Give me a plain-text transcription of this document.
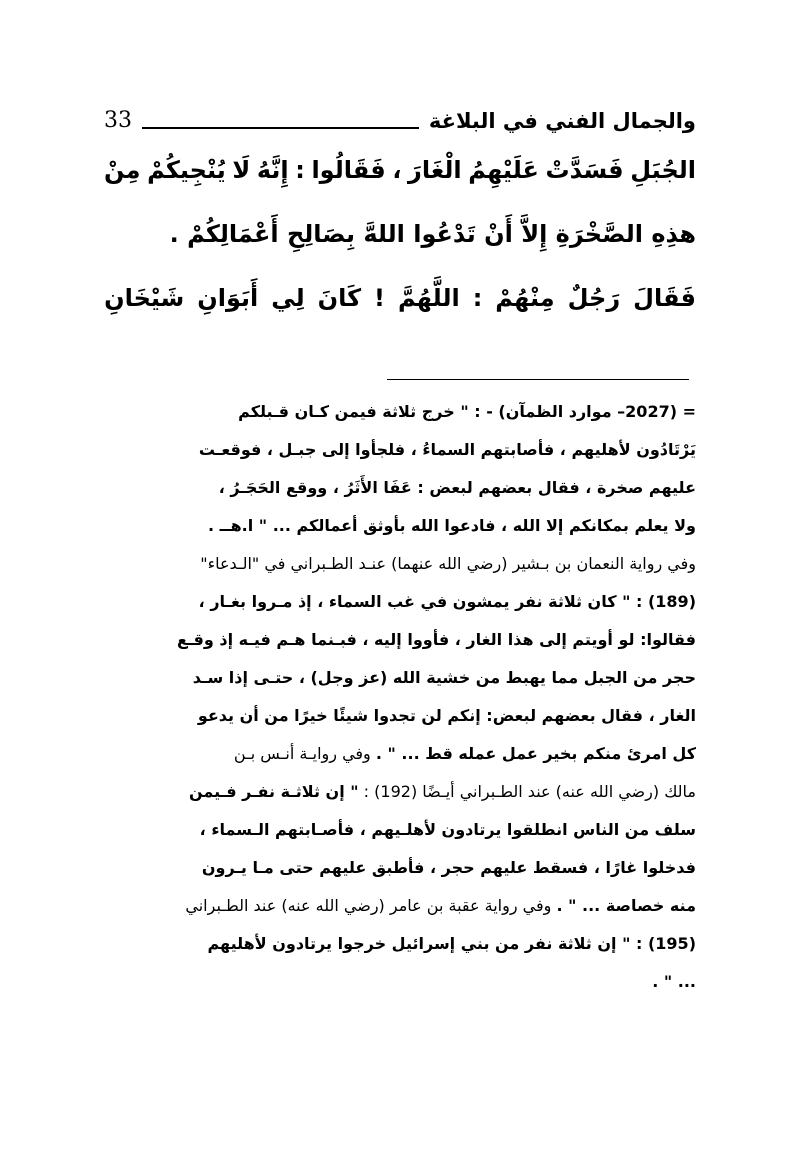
والجمال الفني في البلاغة
33
الجُبَلِ
فَسَدَّتْ
عَلَيْهِمُ
الْغَارَ
،
فَقَالُوا
:
إِنَّهُ
لَا
يُنْجِيكُمْ
مِنْ
هذِهِ الصَّخْرَةِ إِلاَّ أَنْ تَدْعُوا اللهَّ بِصَالِحِ أَعْمَالِكُمْ .
فَقَالَ
رَجُلٌ
مِنْهُمْ
:
اللَّهُمَّ
!
كَانَ
لِي
أَبَوَانِ
شَيْخَانِ
= (2027– موارد الظمآن) - : " خرج ثلاثة فيمن كـان قـبلكم
يَرْتَادُون لأهليهم ، فأصابتهم السماءُ ، فلجأوا إلى جبـل ، فوقعـت
عليهم صخرة ، فقال بعضهم لبعض : عَفَا الأَثَرُ ، ووقع الحَجَـرُ ،
ولا يعلم بمكانكم إلا الله ، فادعوا الله بأوثق أعمالكم ... " ا.هــ .
وفي رواية النعمان بن بـشير (رضي الله عنهما) عنـد الطـبراني في "الـدعاء"
(189) : " كان ثلاثة نفر يمشون في غب السماء ، إذ مـروا بغـار ،
فقالوا: لو أويتم إلى هذا الغار ، فأووا إليه ، فبـنما هـم فيـه إذ وقـع
حجر من الجبل مما يهبط من خشية الله (عز وجل) ، حتـى إذا سـد
الغار ، فقال بعضهم لبعض: إنكم لن تجدوا شيئًا خيرًا من أن يدعو
كل امرئ منكم بخير عمل عمله قط ... " .
وفي روايـة أنـس بـن
مالك (رضي الله عنه) عند الطـبراني أيـضًا (192) :
" إن ثلاثـة نفـر فـيمن
سلف من الناس انطلقوا يرتادون لأهلـيهم ، فأصـابتهم الـسماء ،
فدخلوا غارًا ، فسقط عليهم حجر ، فأطبق عليهم حتى مـا يـرون
منه خصاصة ... " .
وفي رواية عقبة بن عامر (رضي الله عنه) عند الطـبراني
(195) : " إن ثلاثة نفر من بني إسرائيل خرجوا يرتادون لأهليهم
... " .
